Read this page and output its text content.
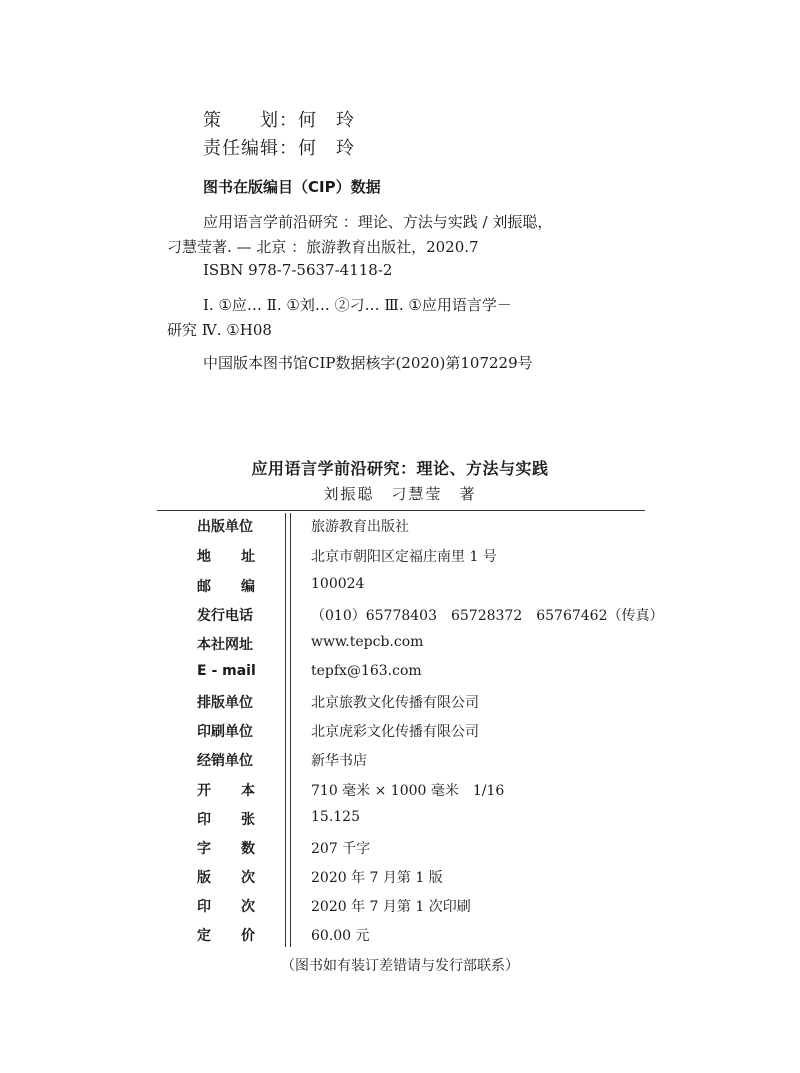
策　　划：何　玲
责任编辑：何　玲
图书在版编目（CIP）数据
应用语言学前沿研究 ：理论、方法与实践 / 刘振聪，
刁慧莹著. — 北京 ：旅游教育出版社，2020.7
ISBN 978-7-5637-4118-2
Ⅰ. ①应… Ⅱ. ①刘… ②刁… Ⅲ. ①应用语言学－
研究 Ⅳ. ①H08
中国版本图书馆CIP数据核字(2020)第107229号
应用语言学前沿研究：理论、方法与实践
刘振聪　刁慧莹　著
出版单位	旅游教育出版社
地 址	北京市朝阳区定福庄南里 1 号
邮 编	100024
发行电话	（010）65778403　65728372　65767462（传真）
本社网址	www.tepcb.com
E - mail	tepfx@163.com
排版单位	北京旅教文化传播有限公司
印刷单位	北京虎彩文化传播有限公司
经销单位	新华书店
开 本	710 毫米 × 1000 毫米　1/16
印 张	15.125
字 数	207 千字
版 次	2020 年 7 月第 1 版
印 次	2020 年 7 月第 1 次印刷
定 价	60.00 元
（图书如有装订差错请与发行部联系）
